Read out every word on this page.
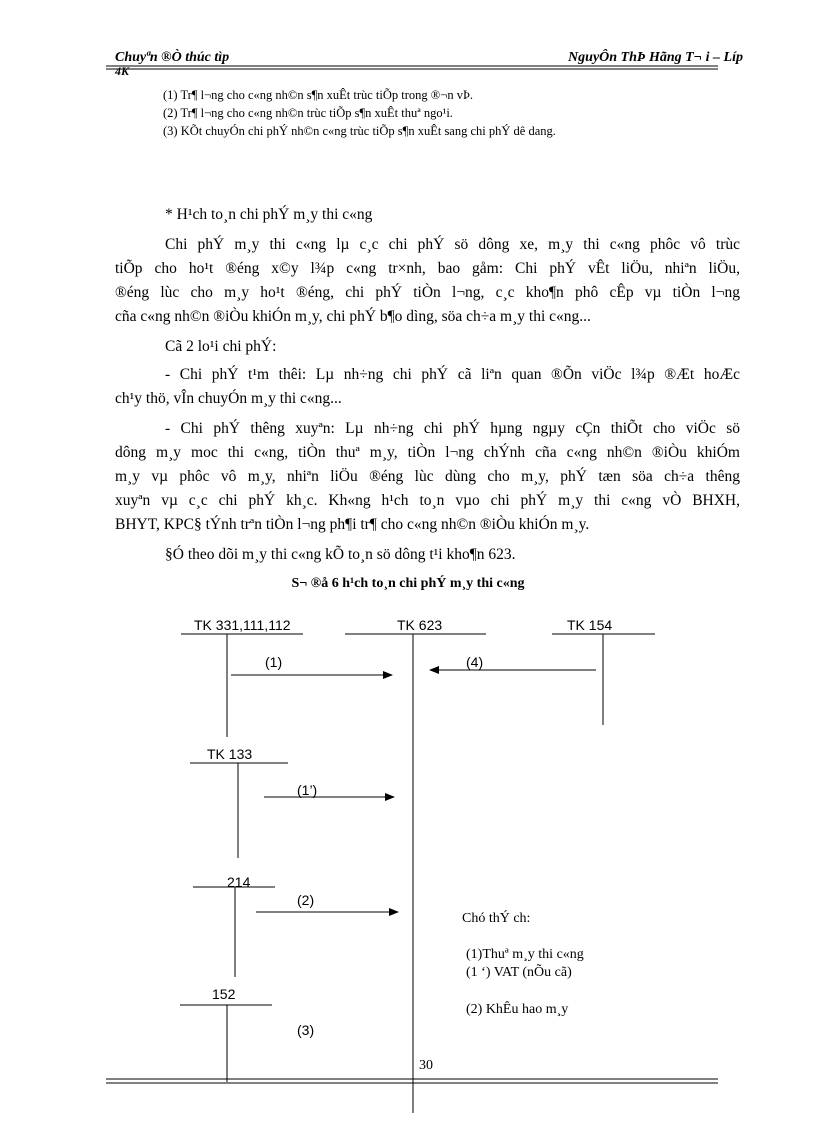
Chuyªn ®Ò thúc tìp	NguyÔn ThÞ Hãng T¬ i – Líp
4K
(1) Tr¶ l¬ng cho c«ng nh©n s¶n xuÊt trùc tiÕp trong ®¬n vÞ.
(2) Tr¶ l¬ng cho c«ng nh©n trùc tiÕp s¶n xuÊt thuª ngo¹i.
(3) KÕt chuyÓn chi phÝ nh©n c«ng trùc tiÕp s¶n xuÊt sang chi phÝ dê dang.
* H¹ch to¸n chi phÝ m¸y thi c«ng
Chi phÝ m¸y thi c«ng lµ c¸c chi phÝ sö dông xe, m¸y thi c«ng phôc vô trùc
tiÕp cho ho¹t ®éng x©y l¾p c«ng tr×nh, bao gåm: Chi phÝ vÊt liÖu, nhiªn liÖu,
®éng lùc cho m¸y ho¹t ®éng, chi phÝ tiÒn l¬ng, c¸c kho¶n phô cÊp vµ tiÒn l¬ng
cña c«ng nh©n ®iÒu khiÓn m¸y, chi phÝ b¶o dìng, söa ch÷a m¸y thi c«ng...
Cã 2 lo¹i chi phÝ:
- Chi phÝ t¹m thêi: Lµ nh÷ng chi phÝ cã liªn quan ®Õn viÖc l¾p ®Æt hoÆc
ch¹y thö, vÎn chuyÓn m¸y thi c«ng...
- Chi phÝ thêng xuyªn: Lµ nh÷ng chi phÝ hµng ngµy cÇn thiÕt cho viÖc sö
dông m¸y moc thi c«ng, tiÒn thuª m¸y, tiÒn l¬ng chÝnh cña c«ng nh©n ®iÒu khiÓm
m¸y vµ phôc vô m¸y, nhiªn liÖu ®éng lùc dùng cho m¸y, phÝ tæn söa ch÷a thêng
xuyªn vµ c¸c chi phÝ kh¸c. Kh«ng h¹ch to¸n vµo chi phÝ m¸y thi c«ng vÒ BHXH,
BHYT, KPC§ tÝnh trªn tiÒn l¬ng ph¶i tr¶ cho c«ng nh©n ®iÒu khiÓn m¸y.
§Ó theo dõi m¸y thi c«ng kÕ to¸n sö dông t¹i kho¶n 623.
S¬ ®å 6 h¹ch to¸n chi phÝ m¸y thi c«ng
TK 331,111,112	TK 623	TK 154
TK 133
214
152
(1)	(4)
(1’)
(2)
(3)
Chó thÝ ch:
(1)Thuª m¸y thi c«ng
(1 ‘) VAT (nÕu cã)
(2) KhÊu hao m¸y
30
